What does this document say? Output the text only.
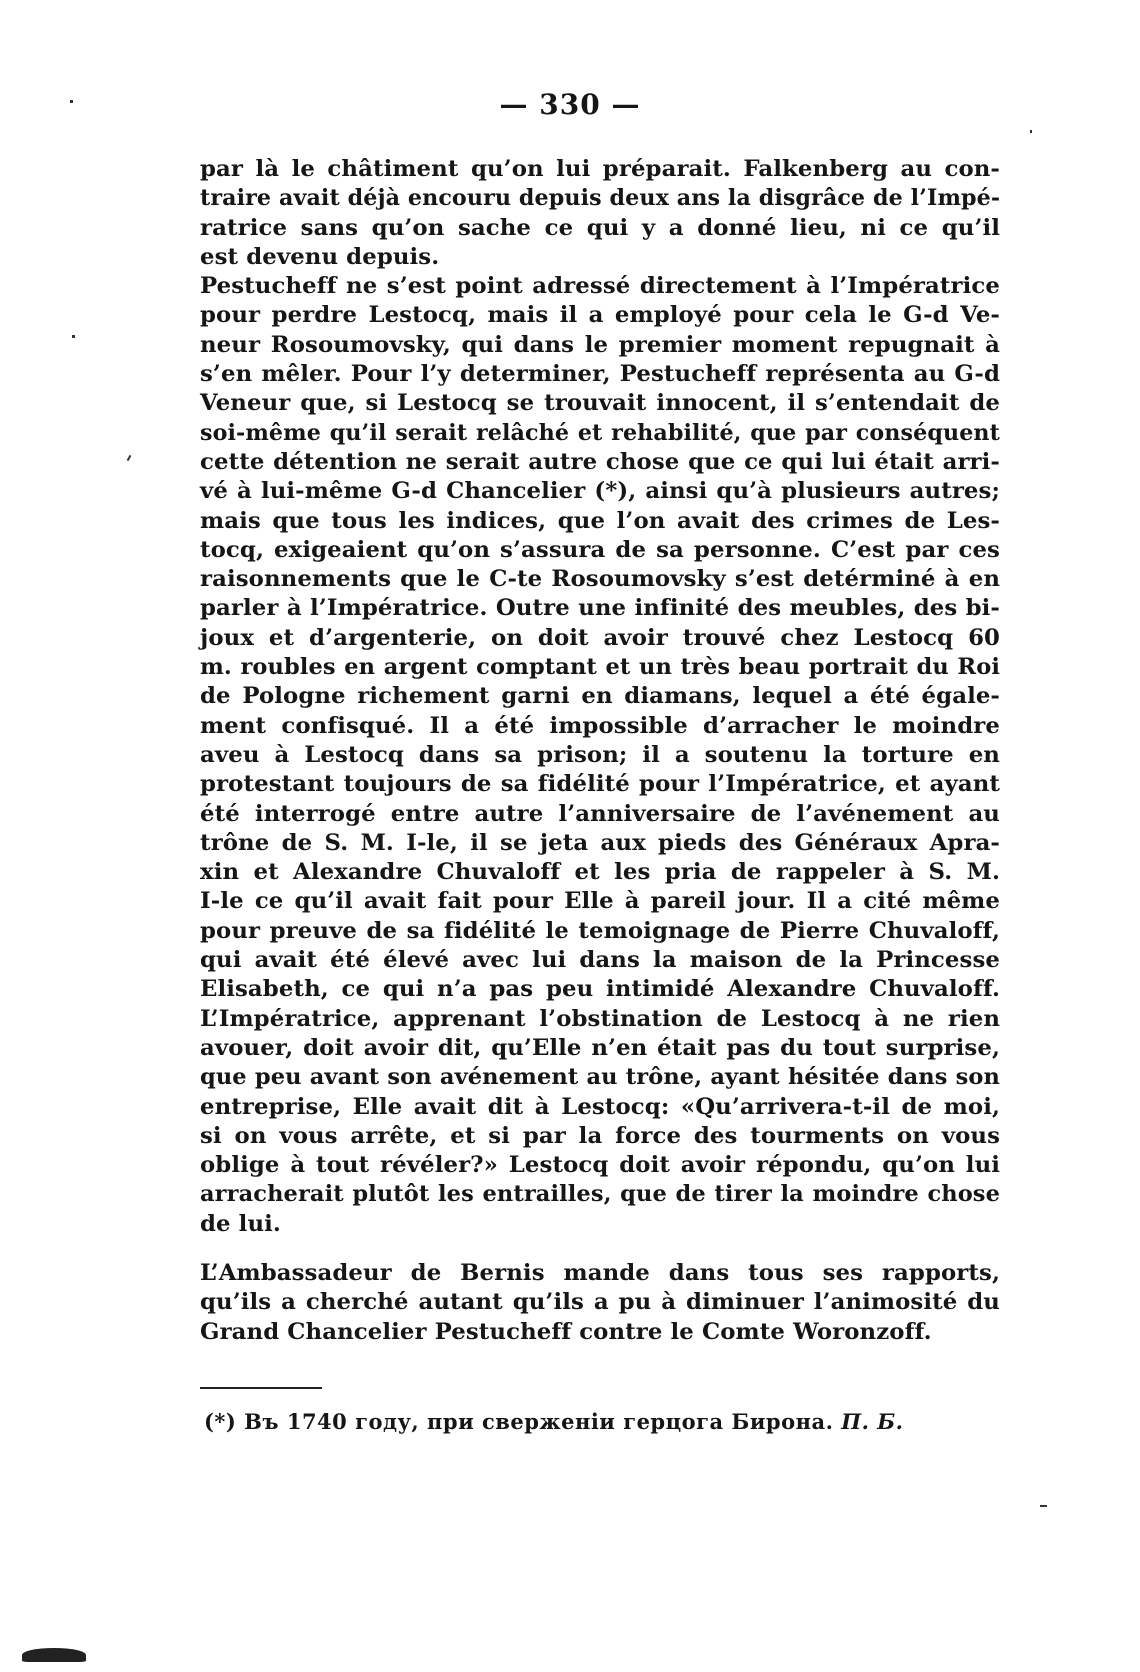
— 330 —
par là le châtiment qu’on lui préparait. Falkenberg au con-
traire avait déjà encouru depuis deux ans la disgrâce de l’Impé-
ratrice sans qu’on sache ce qui y a donné lieu, ni ce qu’il
est devenu depuis.
Pestucheff ne s’est point adressé directement à l’Impératrice
pour perdre Lestocq, mais il a employé pour cela le G-d Ve-
neur Rosoumovsky, qui dans le premier moment repugnait à
s’en mêler. Pour l’y determiner, Pestucheff représenta au G-d
Veneur que, si Lestocq se trouvait innocent, il s’entendait de
soi-même qu’il serait relâché et rehabilité, que par conséquent
cette détention ne serait autre chose que ce qui lui était arri-
vé à lui-même G-d Chancelier (*), ainsi qu’à plusieurs autres;
mais que tous les indices, que l’on avait des crimes de Les-
tocq, exigeaient qu’on s’assura de sa personne. C’est par ces
raisonnements que le C-te Rosoumovsky s’est detérminé à en
parler à l’Impératrice. Outre une infinité des meubles, des bi-
joux et d’argenterie, on doit avoir trouvé chez Lestocq 60
m. roubles en argent comptant et un très beau portrait du Roi
de Pologne richement garni en diamans, lequel a été égale-
ment confisqué. Il a été impossible d’arracher le moindre
aveu à Lestocq dans sa prison; il a soutenu la torture en
protestant toujours de sa fidélité pour l’Impératrice, et ayant
été interrogé entre autre l’anniversaire de l’avénement au
trône de S. M. I-le, il se jeta aux pieds des Généraux Apra-
xin et Alexandre Chuvaloff et les pria de rappeler à S. M.
I-le ce qu’il avait fait pour Elle à pareil jour. Il a cité même
pour preuve de sa fidélité le temoignage de Pierre Chuvaloff,
qui avait été élevé avec lui dans la maison de la Princesse
Elisabeth, ce qui n’a pas peu intimidé Alexandre Chuvaloff.
L’Impératrice, apprenant l’obstination de Lestocq à ne rien
avouer, doit avoir dit, qu’Elle n’en était pas du tout surprise,
que peu avant son avénement au trône, ayant hésitée dans son
entreprise, Elle avait dit à Lestocq: «Qu’arrivera-t-il de moi,
si on vous arrête, et si par la force des tourments on vous
oblige à tout révéler?» Lestocq doit avoir répondu, qu’on lui
arracherait plutôt les entrailles, que de tirer la moindre chose
de lui.
L’Ambassadeur de Bernis mande dans tous ses rapports,
qu’ils a cherché autant qu’ils a pu à diminuer l’animosité du
Grand Chancelier Pestucheff contre le Comte Woronzoff.
(*) Въ 1740 году, при сверженіи герцога Бирона. П. Б.
